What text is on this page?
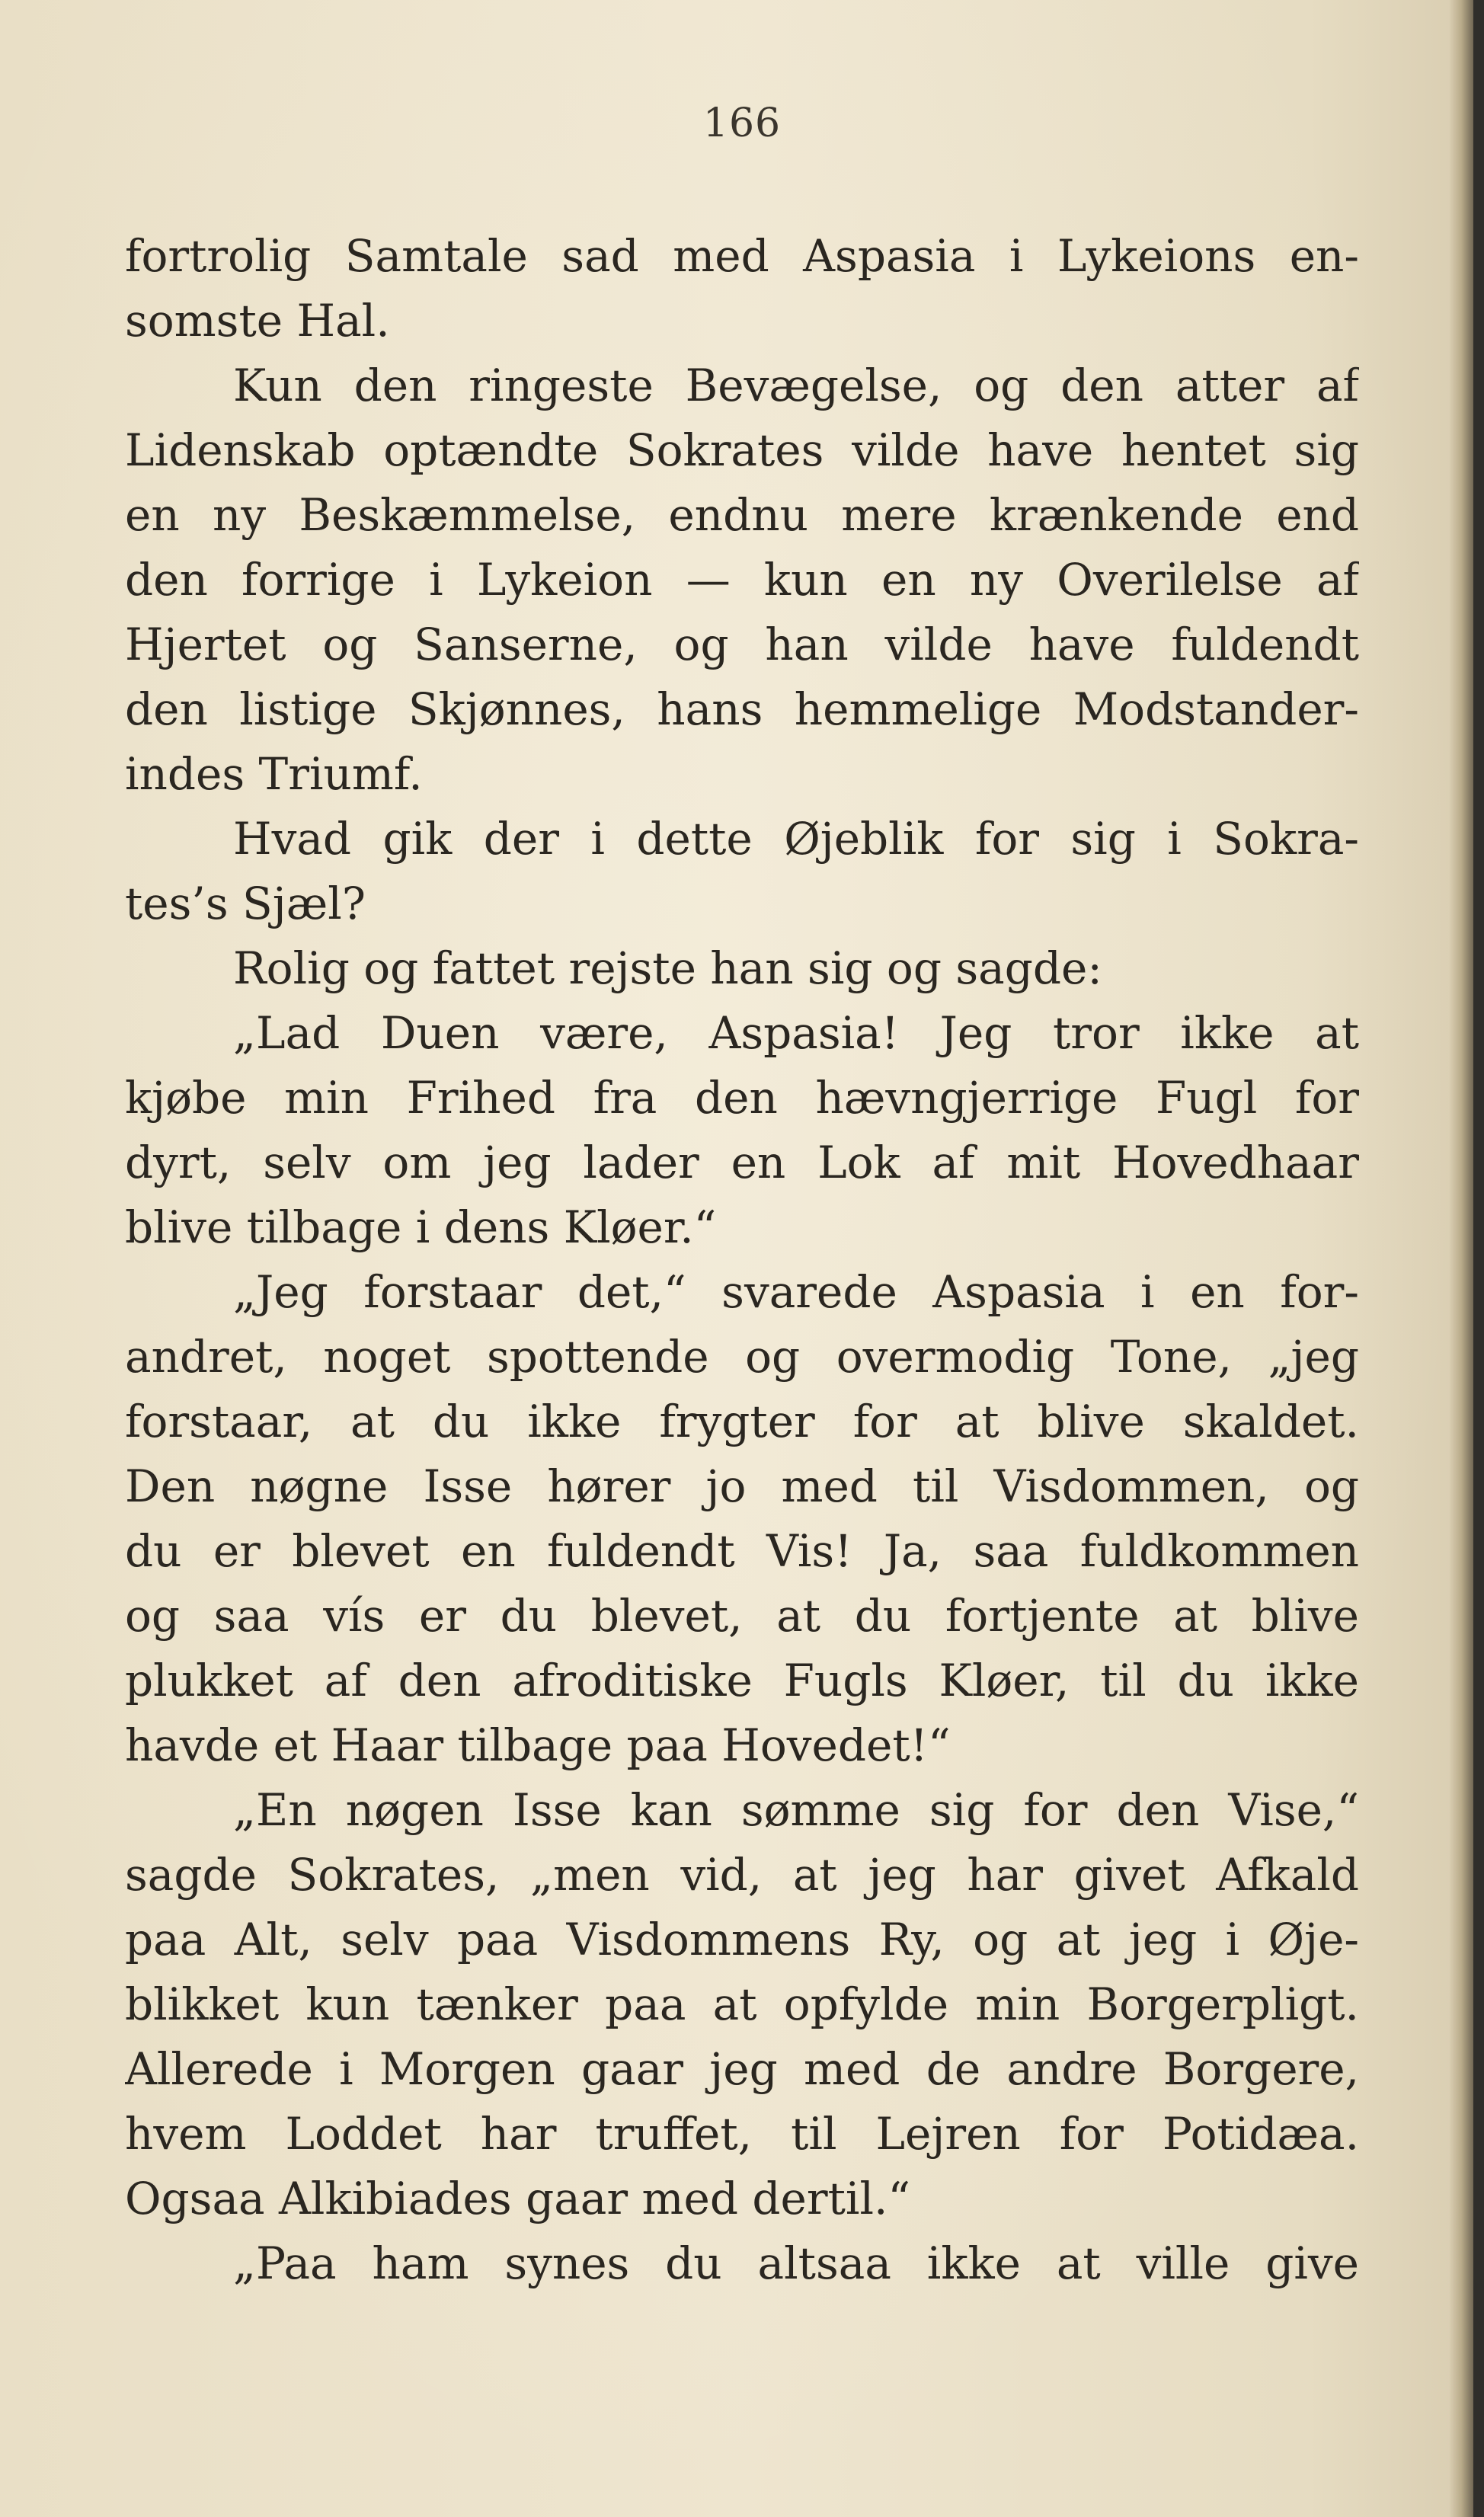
166
fortrolig Samtale sad med Aspasia i Lykeions en-
somste Hal.
Kun den ringeste Bevægelse, og den atter af
Lidenskab optændte Sokrates vilde have hentet sig
en ny Beskæmmelse, endnu mere krænkende end
den forrige i Lykeion — kun en ny Overilelse af
Hjertet og Sanserne, og han vilde have fuldendt
den listige Skjønnes, hans hemmelige Modstander-
indes Triumf.
Hvad gik der i dette Øjeblik for sig i Sokra-
tes’s Sjæl?
Rolig og fattet rejste han sig og sagde:
„Lad Duen være, Aspasia! Jeg tror ikke at
kjøbe min Frihed fra den hævngjerrige Fugl for
dyrt, selv om jeg lader en Lok af mit Hovedhaar
blive tilbage i dens Kløer.“
„Jeg forstaar det,“ svarede Aspasia i en for-
andret, noget spottende og overmodig Tone, „jeg
forstaar, at du ikke frygter for at blive skaldet.
Den nøgne Isse hører jo med til Visdommen, og
du er blevet en fuldendt Vis! Ja, saa fuldkommen
og saa vís er du blevet, at du fortjente at blive
plukket af den afroditiske Fugls Kløer, til du ikke
havde et Haar tilbage paa Hovedet!“
„En nøgen Isse kan sømme sig for den Vise,“
sagde Sokrates, „men vid, at jeg har givet Afkald
paa Alt, selv paa Visdommens Ry, og at jeg i Øje-
blikket kun tænker paa at opfylde min Borgerpligt.
Allerede i Morgen gaar jeg med de andre Borgere,
hvem Loddet har truffet, til Lejren for Potidæa.
Ogsaa Alkibiades gaar med dertil.“
„Paa ham synes du altsaa ikke at ville give
